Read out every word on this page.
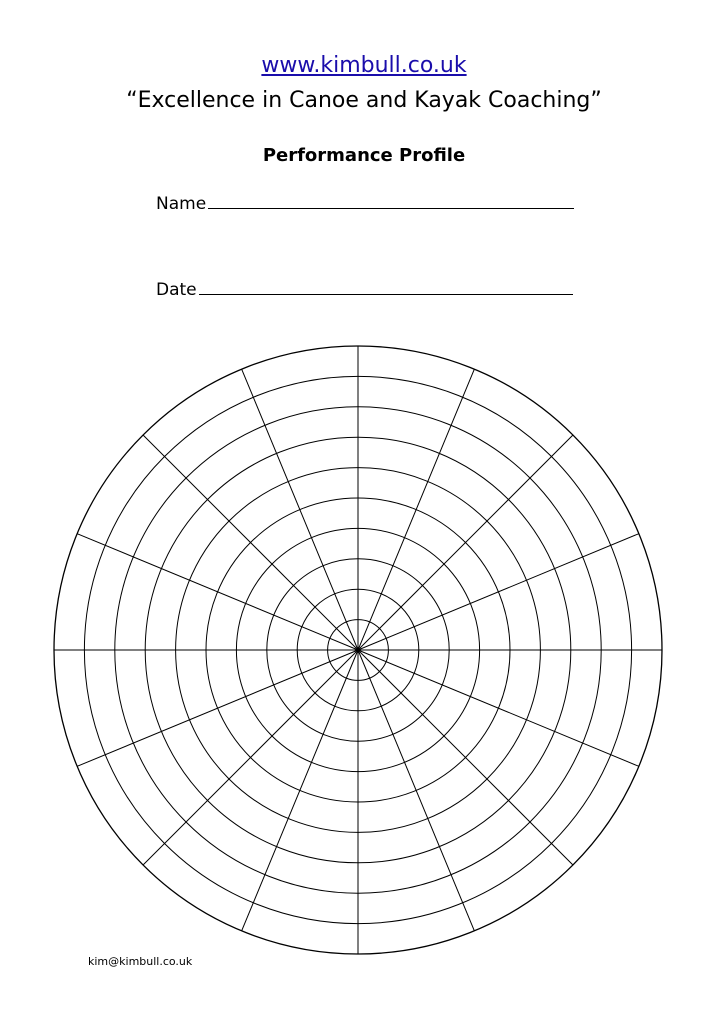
www.kimbull.co.uk
“Excellence in Canoe and Kayak Coaching”
Performance Profile
Name
Date
kim@kimbull.co.uk
